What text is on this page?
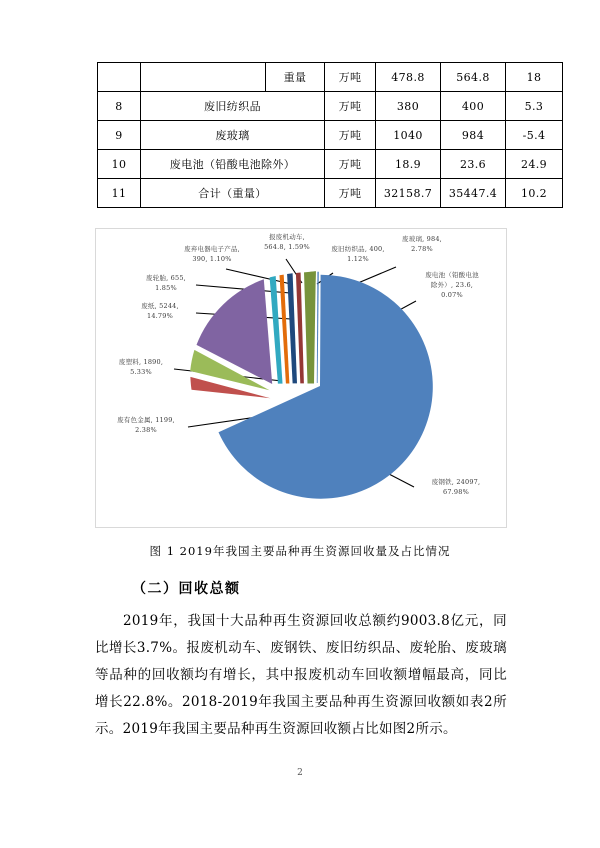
		重量	万吨	478.8	564.8	18
8	废旧纺织品		万吨	380	400	5.3
9	废玻璃		万吨	1040	984	-5.4
10	废电池（铅酸电池除外）		万吨	18.9	23.6	24.9
11	合计（重量）		万吨	32158.7	35447.4	10.2
废弃电器电子产品,
390, 1.10%
报废机动车,
564.8, 1.59%	废旧纺织品, 400,
1.12%
废玻璃, 984,
2.78%
废电池（铅酸电池
除外）, 23.6,
0.07%
废轮胎, 655,
1.85%
废纸, 5244,
14.79%
废塑料, 1890,
5.33%
废有色金属, 1199,
2.38%
废钢铁, 24097,
67.98%
图 1 2019年我国主要品种再生资源回收量及占比情况
（二）回收总额
2019年，我国十大品种再生资源回收总额约9003.8亿元，同比增长3.7%。报废机动车、废钢铁、废旧纺织品、废轮胎、废玻璃等品种的回收额均有增长，其中报废机动车回收额增幅最高，同比增长22.8%。2018-2019年我国主要品种再生资源回收额如表2所示。2019年我国主要品种再生资源回收额占比如图2所示。
2
